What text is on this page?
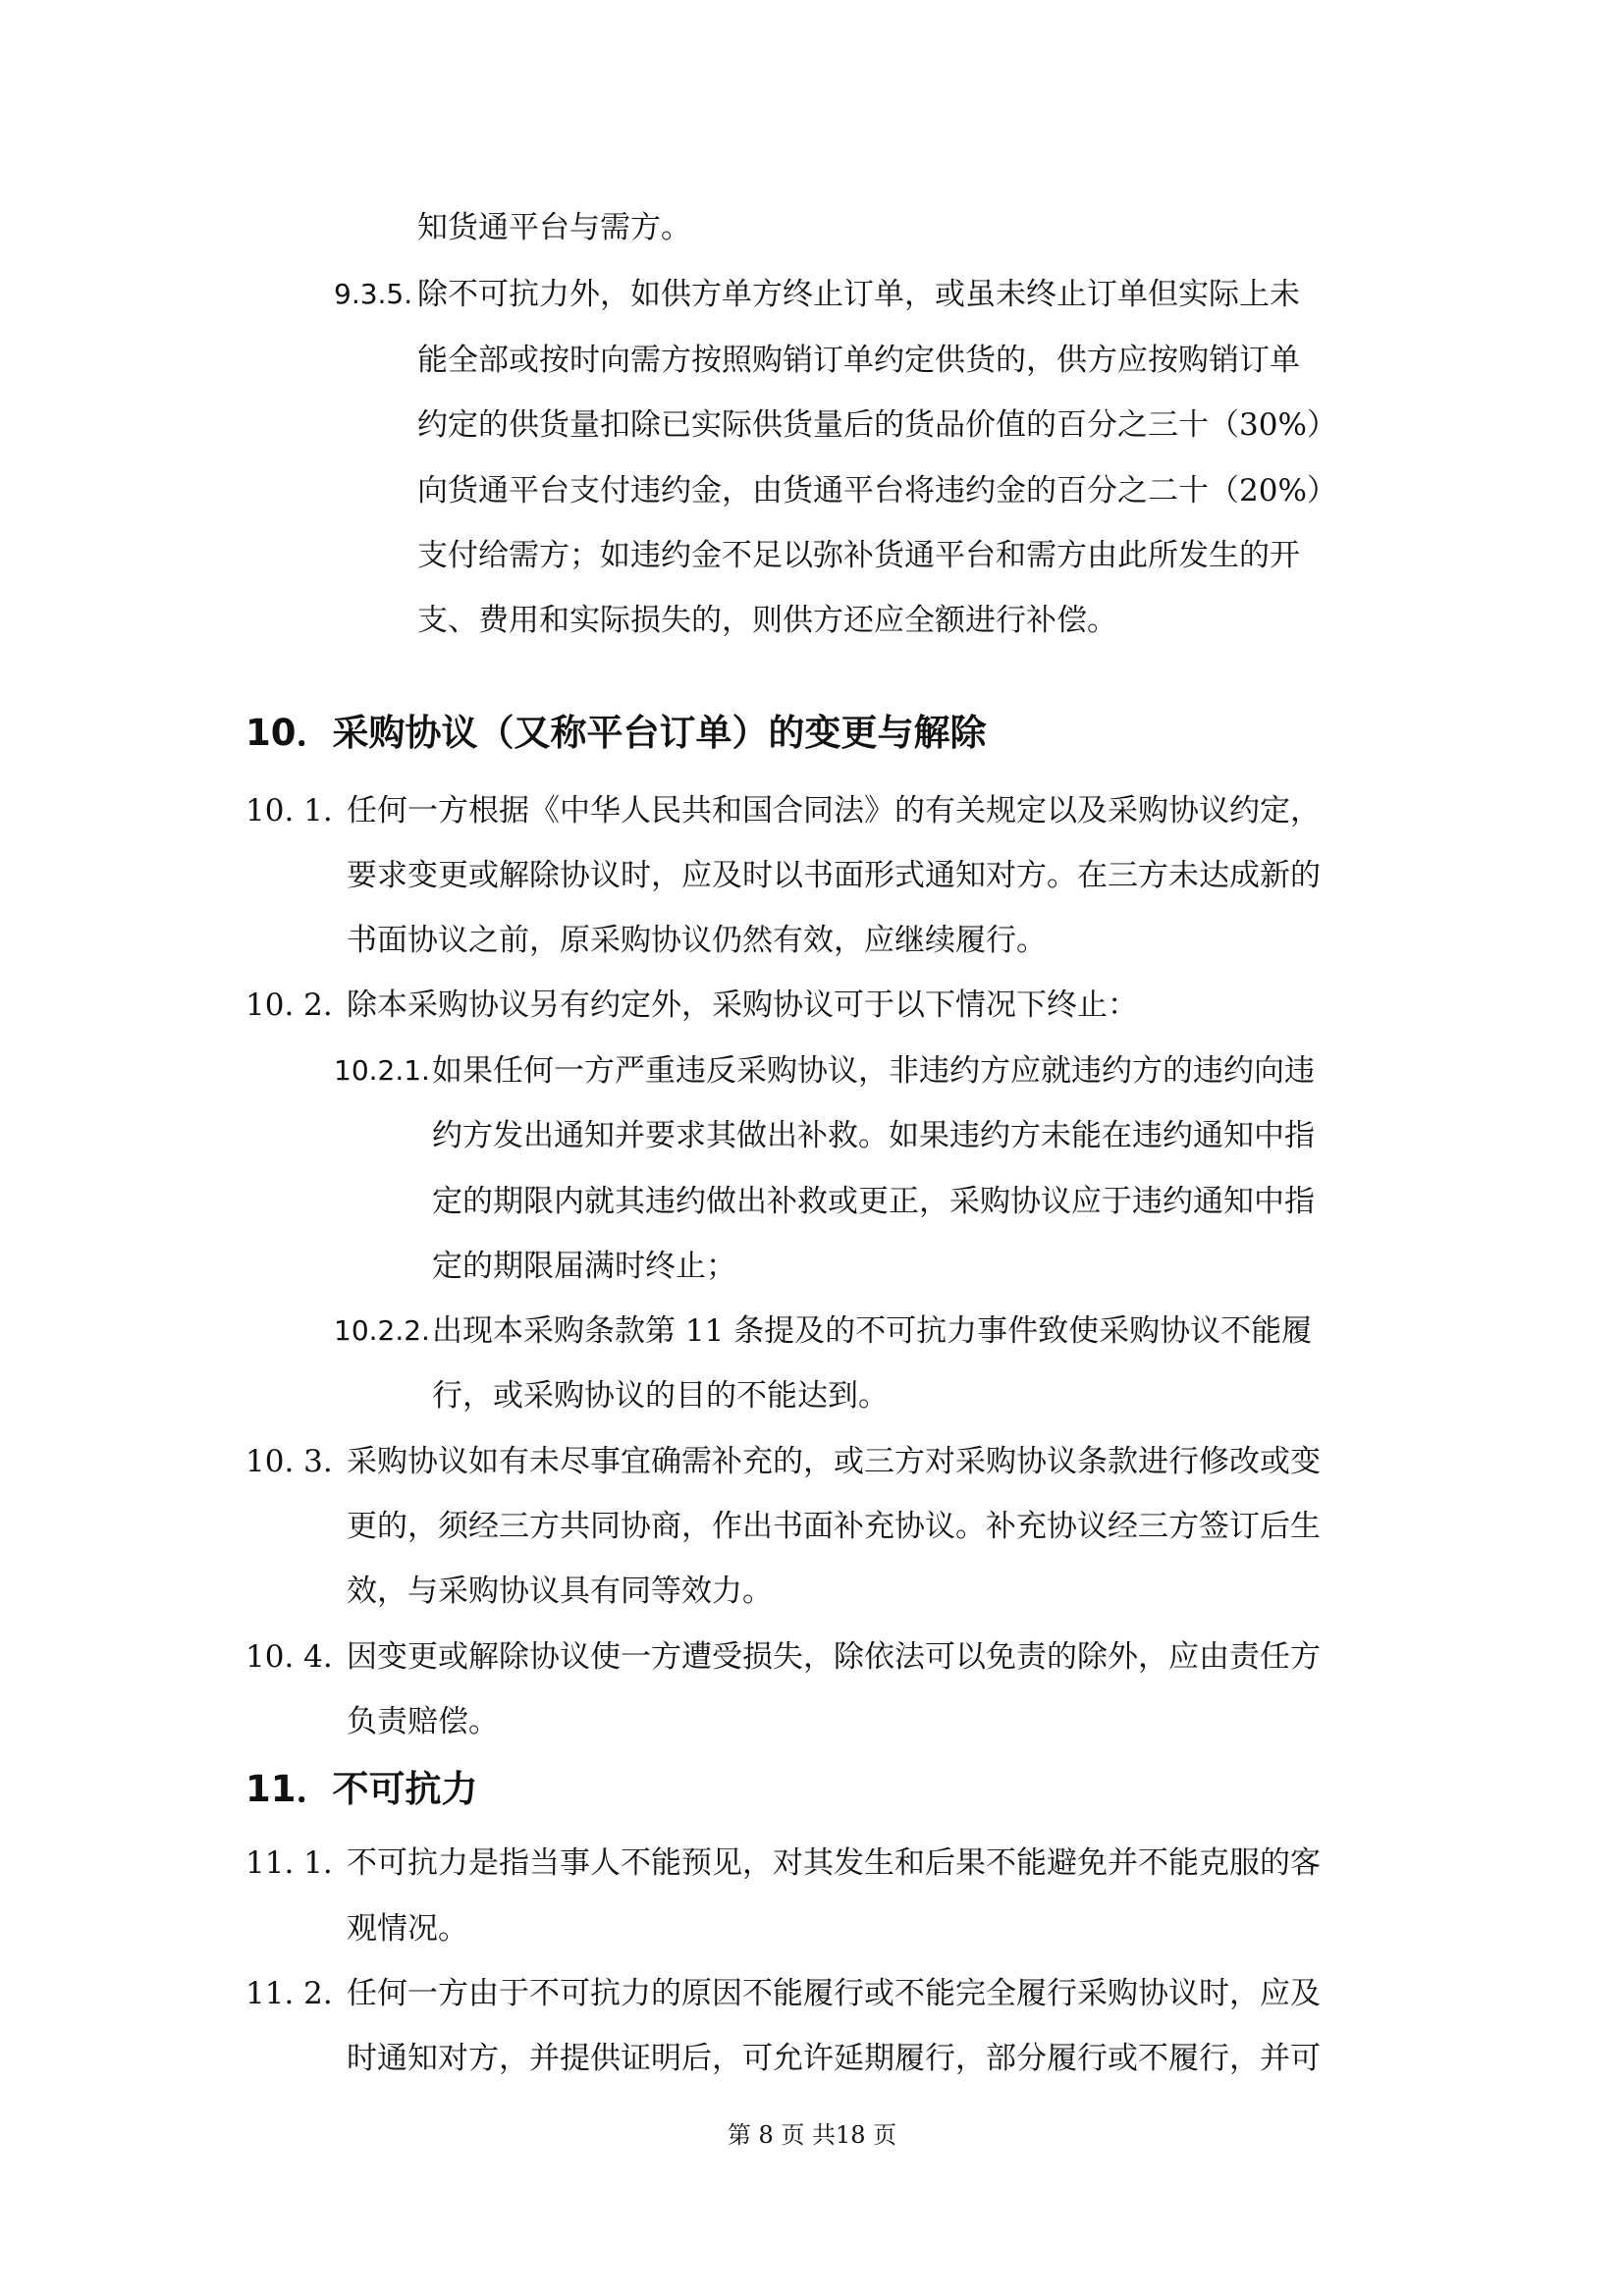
知货通平台与需方。
9.3.5. 除不可抗力外，如供方单方终止订单，或虽未终止订单但实际上未
能全部或按时向需方按照购销订单约定供货的，供方应按购销订单
约定的供货量扣除已实际供货量后的货品价值的百分之三十（30%）
向货通平台支付违约金，由货通平台将违约金的百分之二十（20%）
支付给需方；如违约金不足以弥补货通平台和需方由此所发生的开
支、费用和实际损失的，则供方还应全额进行补偿。
10．采购协议（又称平台订单）的变更与解除
10. 1. 任何一方根据《中华人民共和国合同法》的有关规定以及采购协议约定，
要求变更或解除协议时，应及时以书面形式通知对方。在三方未达成新的
书面协议之前，原采购协议仍然有效，应继续履行。
10. 2. 除本采购协议另有约定外，采购协议可于以下情况下终止：
10.2.1. 如果任何一方严重违反采购协议，非违约方应就违约方的违约向违
约方发出通知并要求其做出补救。如果违约方未能在违约通知中指
定的期限内就其违约做出补救或更正，采购协议应于违约通知中指
定的期限届满时终止；
10.2.2. 出现本采购条款第 11 条提及的不可抗力事件致使采购协议不能履
行，或采购协议的目的不能达到。
10. 3. 采购协议如有未尽事宜确需补充的，或三方对采购协议条款进行修改或变
更的，须经三方共同协商，作出书面补充协议。补充协议经三方签订后生
效，与采购协议具有同等效力。
10. 4. 因变更或解除协议使一方遭受损失，除依法可以免责的除外，应由责任方
负责赔偿。
11．不可抗力
11. 1. 不可抗力是指当事人不能预见，对其发生和后果不能避免并不能克服的客
观情况。
11. 2. 任何一方由于不可抗力的原因不能履行或不能完全履行采购协议时，应及
时通知对方，并提供证明后，可允许延期履行，部分履行或不履行，并可
第 8 页 共18 页
